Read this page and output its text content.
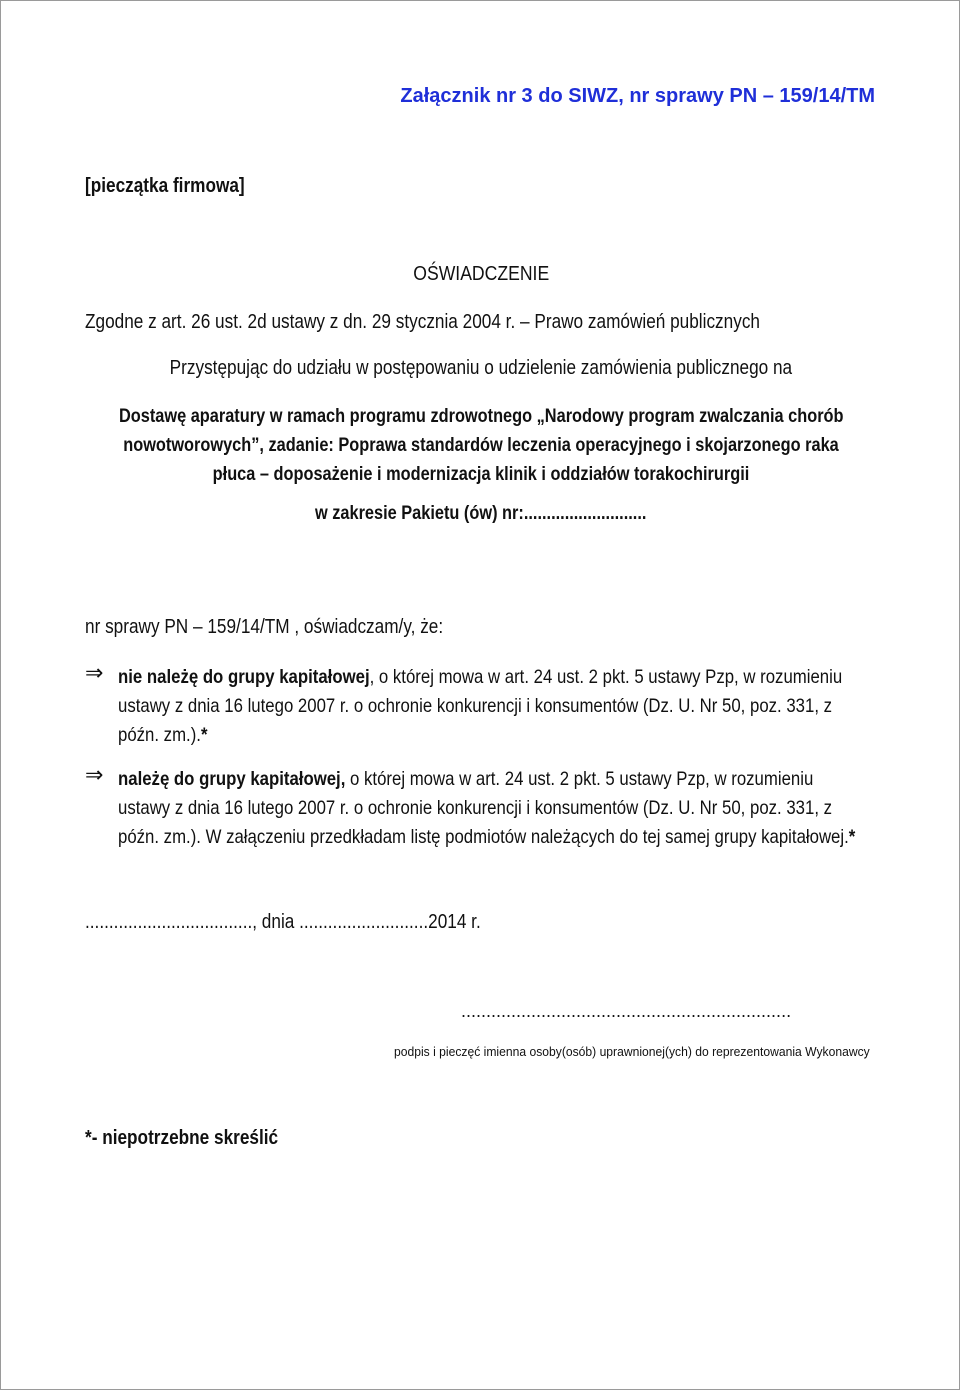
Załącznik nr 3 do SIWZ, nr sprawy PN – 159/14/TM
[pieczątka firmowa]
OŚWIADCZENIE
Zgodne z art. 26 ust. 2d ustawy z dn. 29 stycznia 2004 r. – Prawo zamówień publicznych
Przystępując do udziału w postępowaniu o udzielenie zamówienia publicznego na
Dostawę aparatury w ramach programu zdrowotnego „Narodowy program zwalczania chorób
nowotworowych”, zadanie: Poprawa standardów leczenia operacyjnego i skojarzonego raka
płuca – doposażenie i modernizacja klinik i oddziałów torakochirurgii
w zakresie Pakietu (ów) nr:...........................
nr sprawy PN – 159/14/TM , oświadczam/y, że:
⇒ nie należę do grupy kapitałowej, o której mowa w art. 24 ust. 2 pkt. 5 ustawy Pzp, w rozumieniu
ustawy z dnia 16 lutego 2007 r. o ochronie konkurencji i konsumentów (Dz. U. Nr 50, poz. 331, z
późn. zm.).*
⇒ należę do grupy kapitałowej, o której mowa w art. 24 ust. 2 pkt. 5 ustawy Pzp, w rozumieniu
ustawy z dnia 16 lutego 2007 r. o ochronie konkurencji i konsumentów (Dz. U. Nr 50, poz. 331, z
późn. zm.). W załączeniu przedkładam listę podmiotów należących do tej samej grupy kapitałowej.*
..................................., dnia ...........................2014 r.
..................................................................
podpis i pieczęć imienna osoby(osób) uprawnionej(ych) do reprezentowania Wykonawcy
*- niepotrzebne skreślić
